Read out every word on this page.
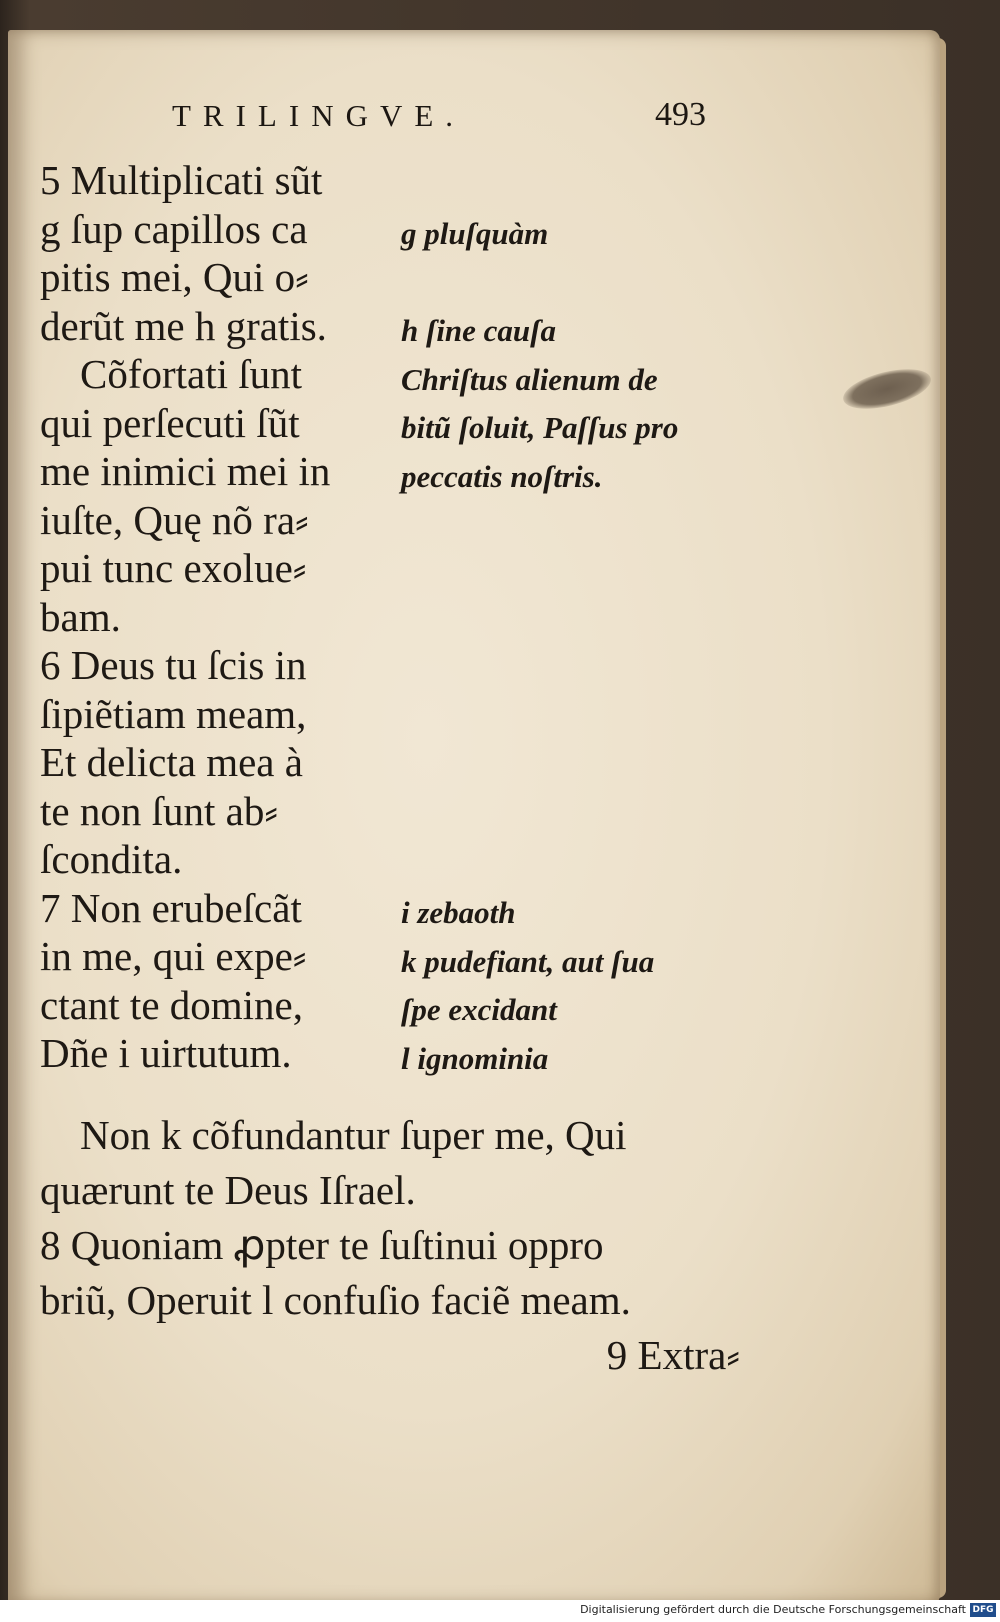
TRILINGVE.	493
5 Multiplicati sũt
g ſup capillos ca
pitis mei, Qui o⸗
derũt me h gratis.
Cõfortati ſunt
qui perſecuti ſũt
me inimici mei in
iuſte, Quę nõ ra⸗
pui tunc exolue⸗
bam.
6 Deus tu ſcis in
ſipiẽtiam meam,
Et delicta mea à
te non ſunt ab⸗
ſcondita.
7 Non erubeſcãt
in me, qui expe⸗
ctant te domine,
Dñe i uirtutum.
g pluſquàm
h ſine cauſa
Chriſtus alienum de
bitũ ſoluit, Paſſus pro
peccatis noſtris.
i zebaoth
k pudefiant, aut ſua
ſpe excidant
l ignominia
Non k cõfundantur ſuper me, Qui
quærunt te Deus Iſrael.
8 Quoniam ꝓpter te ſuſtinui oppro
briũ, Operuit l confuſio faciẽ meam.
9 Extra⸗
Digitalisierung gefördert durch die Deutsche Forschungsgemeinschaft DFG
